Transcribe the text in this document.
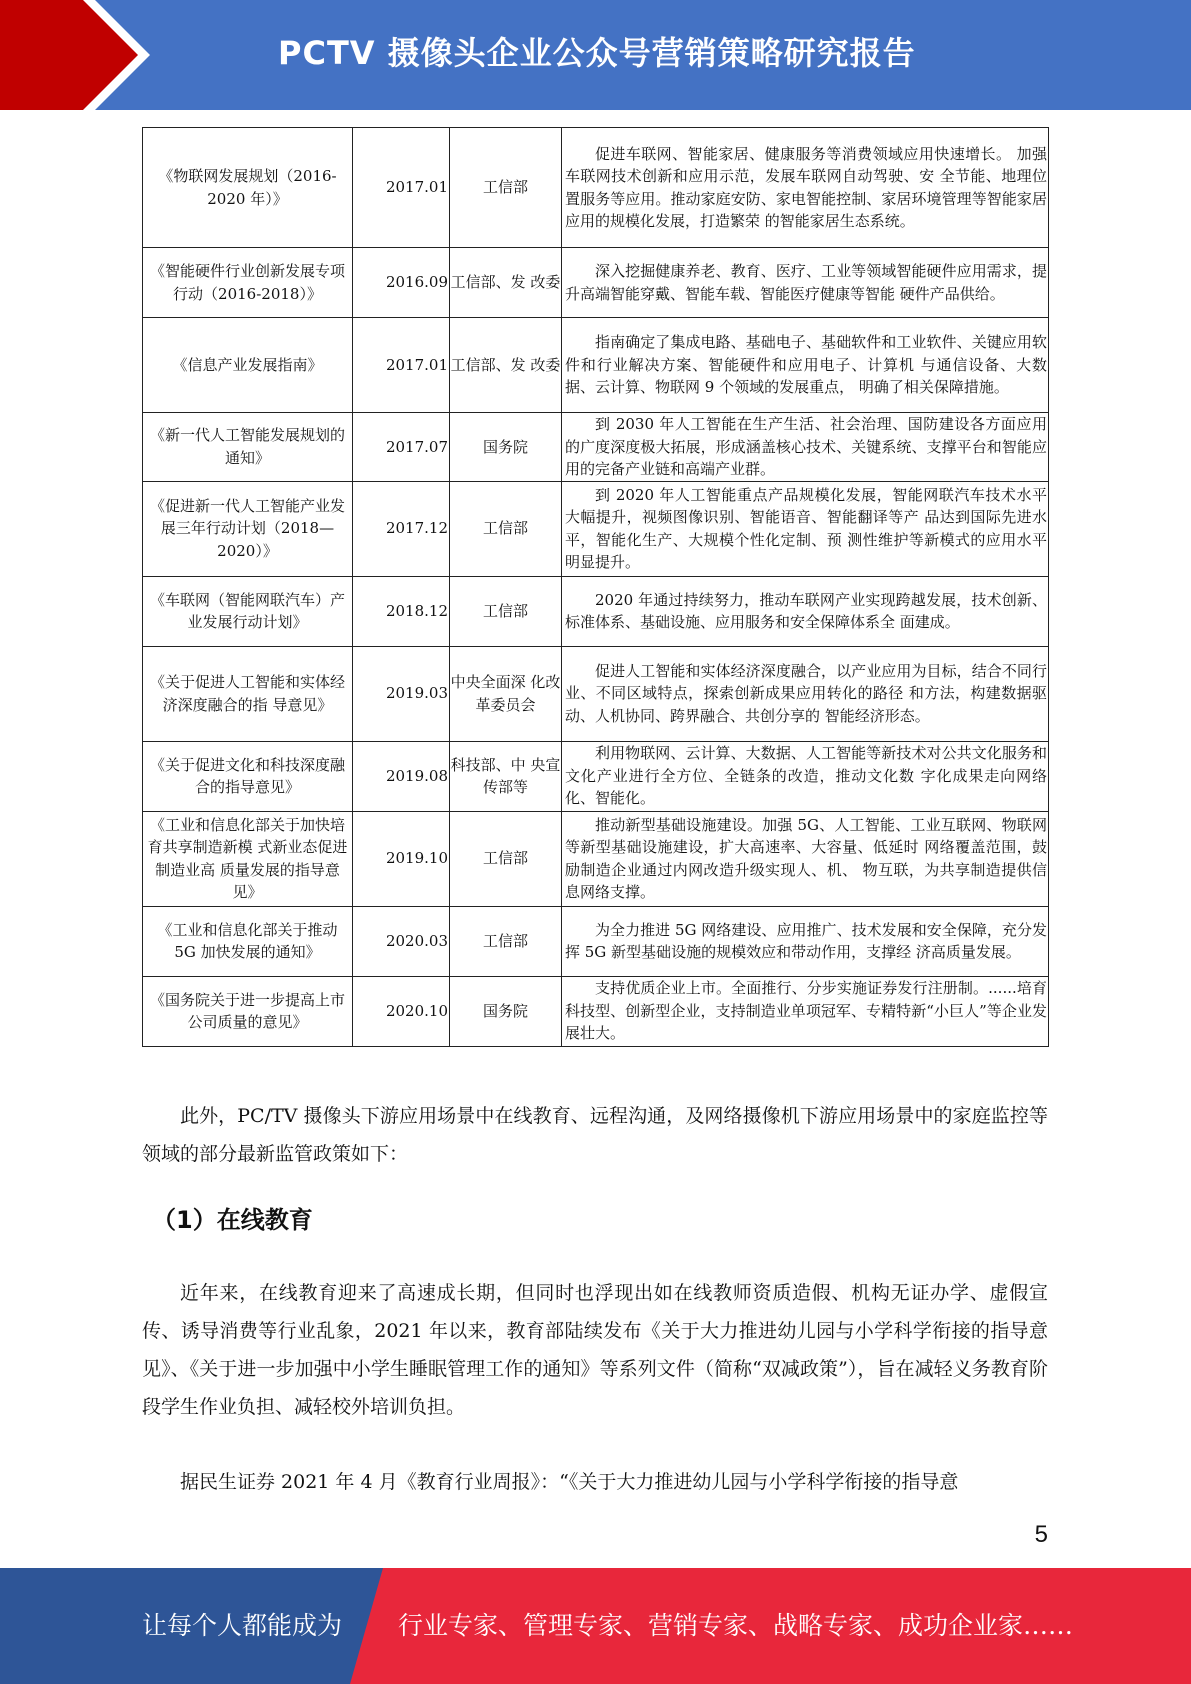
PCTV 摄像头企业公众号营销策略研究报告
《物联网发展规划（2016-2020 年）》	2017.01	工信部	促进车联网、智能家居、健康服务等消费领域应用快速增长。 加强车联网技术创新和应用示范，发展车联网自动驾驶、安 全节能、地理位置服务等应用。推动家庭安防、家电智能控制、家居环境管理等智能家居应用的规模化发展，打造繁荣 的智能家居生态系统。
《智能硬件行业创新发展专项行动（2016-2018）》	2016.09	工信部、发 改委	深入挖掘健康养老、教育、医疗、工业等领域智能硬件应用需求，提升高端智能穿戴、智能车载、智能医疗健康等智能 硬件产品供给。
《信息产业发展指南》	2017.01	工信部、发 改委	指南确定了集成电路、基础电子、基础软件和工业软件、关键应用软件和行业解决方案、智能硬件和应用电子、计算机 与通信设备、大数据、云计算、物联网 9 个领域的发展重点， 明确了相关保障措施。
《新一代人工智能发展规划的通知》	2017.07	国务院	到 2030 年人工智能在生产生活、社会治理、国防建设各方面应用的广度深度极大拓展，形成涵盖核心技术、关键系统、支撑平台和智能应用的完备产业链和高端产业群。
《促进新一代人工智能产业发展三年行动计划（2018—2020）》	2017.12	工信部	到 2020 年人工智能重点产品规模化发展，智能网联汽车技术水平大幅提升，视频图像识别、智能语音、智能翻译等产 品达到国际先进水平，智能化生产、大规模个性化定制、预 测性维护等新模式的应用水平明显提升。
《车联网（智能网联汽车）产业发展行动计划》	2018.12	工信部	2020 年通过持续努力，推动车联网产业实现跨越发展，技术创新、标准体系、基础设施、应用服务和安全保障体系全 面建成。
《关于促进人工智能和实体经济深度融合的指 导意见》	2019.03	中央全面深 化改革委员会	促进人工智能和实体经济深度融合，以产业应用为目标，结合不同行业、不同区域特点，探索创新成果应用转化的路径 和方法，构建数据驱动、人机协同、跨界融合、共创分享的 智能经济形态。
《关于促进文化和科技深度融合的指导意见》	2019.08	科技部、中 央宣传部等	利用物联网、云计算、大数据、人工智能等新技术对公共文化服务和文化产业进行全方位、全链条的改造，推动文化数 字化成果走向网络化、智能化。
《工业和信息化部关于加快培育共享制造新模 式新业态促进制造业高 质量发展的指导意见》	2019.10	工信部	推动新型基础设施建设。加强 5G、人工智能、工业互联网、物联网等新型基础设施建设，扩大高速率、大容量、低延时 网络覆盖范围，鼓励制造企业通过内网改造升级实现人、机、 物互联，为共享制造提供信息网络支撑。
《工业和信息化部关于推动 5G 加快发展的通知》	2020.03	工信部	为全力推进 5G 网络建设、应用推广、技术发展和安全保障，充分发挥 5G 新型基础设施的规模效应和带动作用，支撑经 济高质量发展。
《国务院关于进一步提高上市公司质量的意见》	2020.10	国务院	支持优质企业上市。全面推行、分步实施证券发行注册制。......培育科技型、创新型企业，支持制造业单项冠军、专精特新“小巨人”等企业发展壮大。

此外，PC/TV 摄像头下游应用场景中在线教育、远程沟通，及网络摄像机下游应用场景中的家庭监控等领域的部分最新监管政策如下：

（1）在线教育

近年来，在线教育迎来了高速成长期，但同时也浮现出如在线教师资质造假、机构无证办学、虚假宣传、诱导消费等行业乱象，2021 年以来，教育部陆续发布《关于大力推进幼儿园与小学科学衔接的指导意见》、《关于进一步加强中小学生睡眠管理工作的通知》等系列文件（简称“双减政策”），旨在减轻义务教育阶段学生作业负担、减轻校外培训负担。

据民生证券 2021 年 4 月《教育行业周报》：“《关于大力推进幼儿园与小学科学衔接的指导意

5
让每个人都能成为 行业专家、管理专家、营销专家、战略专家、成功企业家……
